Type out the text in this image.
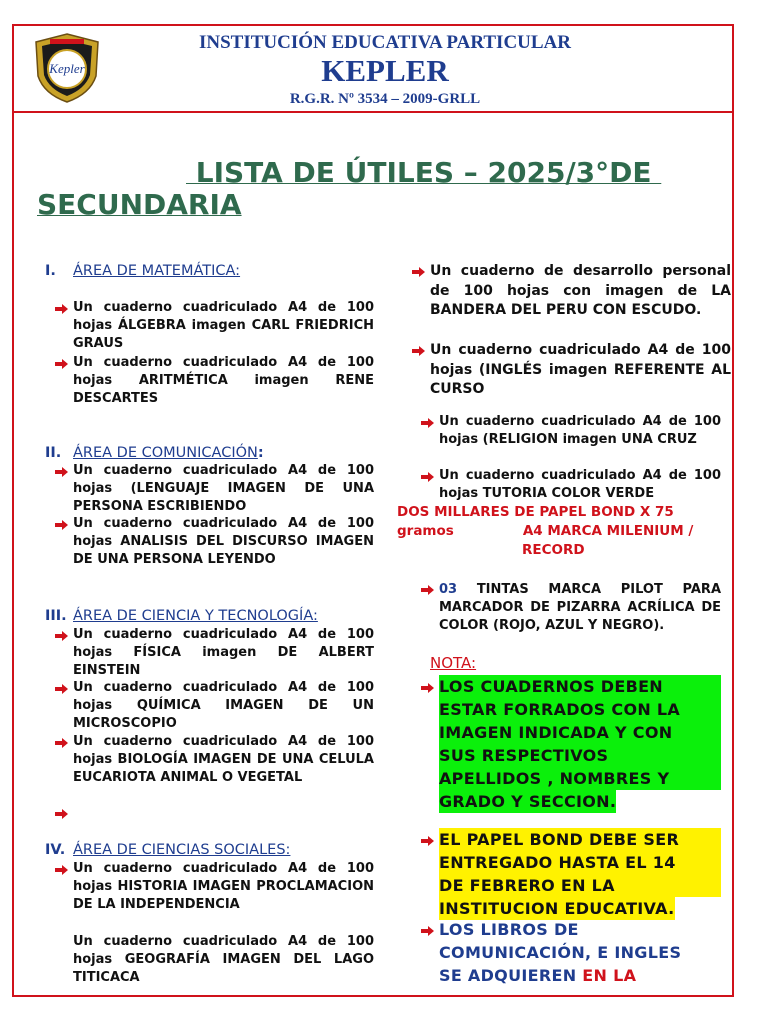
Kepler
INSTITUCIÓN EDUCATIVA PARTICULAR
KEPLER
R.G.R. Nº 3534 – 2009-GRLL
LISTA DE ÚTILES – 2025/3°DE
SECUNDARIA
I. ÁREA DE MATEMÁTICA:
II. ÁREA DE COMUNICACIÓN:
III. ÁREA DE CIENCIA Y TECNOLOGÍA:
IV. ÁREA DE CIENCIAS SOCIALES:
Un cuaderno cuadriculado A4 de 100 hojas ÁLGEBRA imagen CARL FRIEDRICH GRAUS
Un cuaderno cuadriculado A4 de 100 hojas ARITMÉTICA imagen RENE DESCARTES
Un cuaderno cuadriculado A4 de 100 hojas (LENGUAJE IMAGEN DE UNA PERSONA ESCRIBIENDO
Un cuaderno cuadriculado A4 de 100 hojas ANALISIS DEL DISCURSO IMAGEN DE UNA PERSONA LEYENDO
Un cuaderno cuadriculado A4 de 100 hojas FÍSICA imagen DE ALBERT EINSTEIN
Un cuaderno cuadriculado A4 de 100 hojas QUÍMICA IMAGEN DE UN MICROSCOPIO
Un cuaderno cuadriculado A4 de 100 hojas BIOLOGÍA IMAGEN DE UNA CELULA EUCARIOTA ANIMAL O VEGETAL
Un cuaderno cuadriculado A4 de 100 hojas HISTORIA IMAGEN PROCLAMACION DE LA INDEPENDENCIA
Un cuaderno cuadriculado A4 de 100 hojas GEOGRAFÍA IMAGEN DEL LAGO TITICACA
Un cuaderno de desarrollo personal de 100 hojas con imagen de LA BANDERA DEL PERU CON ESCUDO.
Un cuaderno cuadriculado A4 de 100 hojas (INGLÉS imagen REFERENTE AL CURSO
Un cuaderno cuadriculado A4 de 100 hojas (RELIGION imagen UNA CRUZ
Un cuaderno cuadriculado A4 de 100 hojas TUTORIA COLOR VERDE
DOS MILLARES DE PAPEL BOND X 75
gramos	A4 MARCA MILENIUM /
RECORD
03 TINTAS MARCA PILOT PARA MARCADOR DE PIZARRA ACRÍLICA DE COLOR (ROJO, AZUL Y NEGRO).
NOTA:
LOS CUADERNOS DEBEN
ESTAR FORRADOS CON LA
IMAGEN INDICADA Y CON
SUS RESPECTIVOS
APELLIDOS , NOMBRES Y
GRADO Y SECCION.
EL PAPEL BOND DEBE SER
ENTREGADO HASTA EL 14
DE FEBRERO EN LA
INSTITUCION EDUCATIVA.
LOS LIBROS DE
COMUNICACIÓN, E INGLES
SE ADQUIEREN EN LA
